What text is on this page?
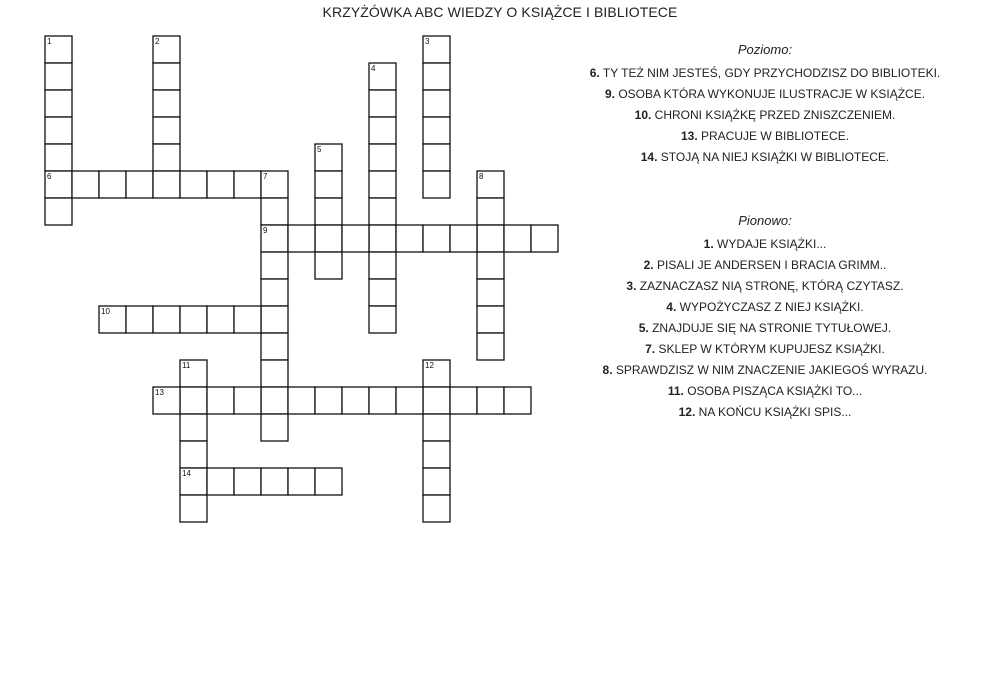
KRZYŻÓWKA ABC WIEDZY O KSIĄŻCE I BIBLIOTECE
1	2	3
4
5
6	7	8
9
10
11	12
13
14
Poziomo:
6. TY TEŻ NIM JESTEŚ, GDY PRZYCHODZISZ DO BIBLIOTEKI.
9. OSOBA KTÓRA WYKONUJE ILUSTRACJE W KSIĄŻCE.
10. CHRONI KSIĄŻKĘ PRZED ZNISZCZENIEM.
13. PRACUJE W BIBLIOTECE.
14. STOJĄ NA NIEJ KSIĄŻKI W BIBLIOTECE.
Pionowo:
1. WYDAJE KSIĄŻKI...
2. PISALI JE ANDERSEN I BRACIA GRIMM..
3. ZAZNACZASZ NIĄ STRONĘ, KTÓRĄ CZYTASZ.
4. WYPOŻYCZASZ Z NIEJ KSIĄŻKI.
5. ZNAJDUJE SIĘ NA STRONIE TYTUŁOWEJ.
7. SKLEP W KTÓRYM KUPUJESZ KSIĄŻKI.
8. SPRAWDZISZ W NIM ZNACZENIE JAKIEGOŚ WYRAZU.
11. OSOBA PISZĄCA KSIĄŻKI TO...
12. NA KOŃCU KSIĄŻKI SPIS...
